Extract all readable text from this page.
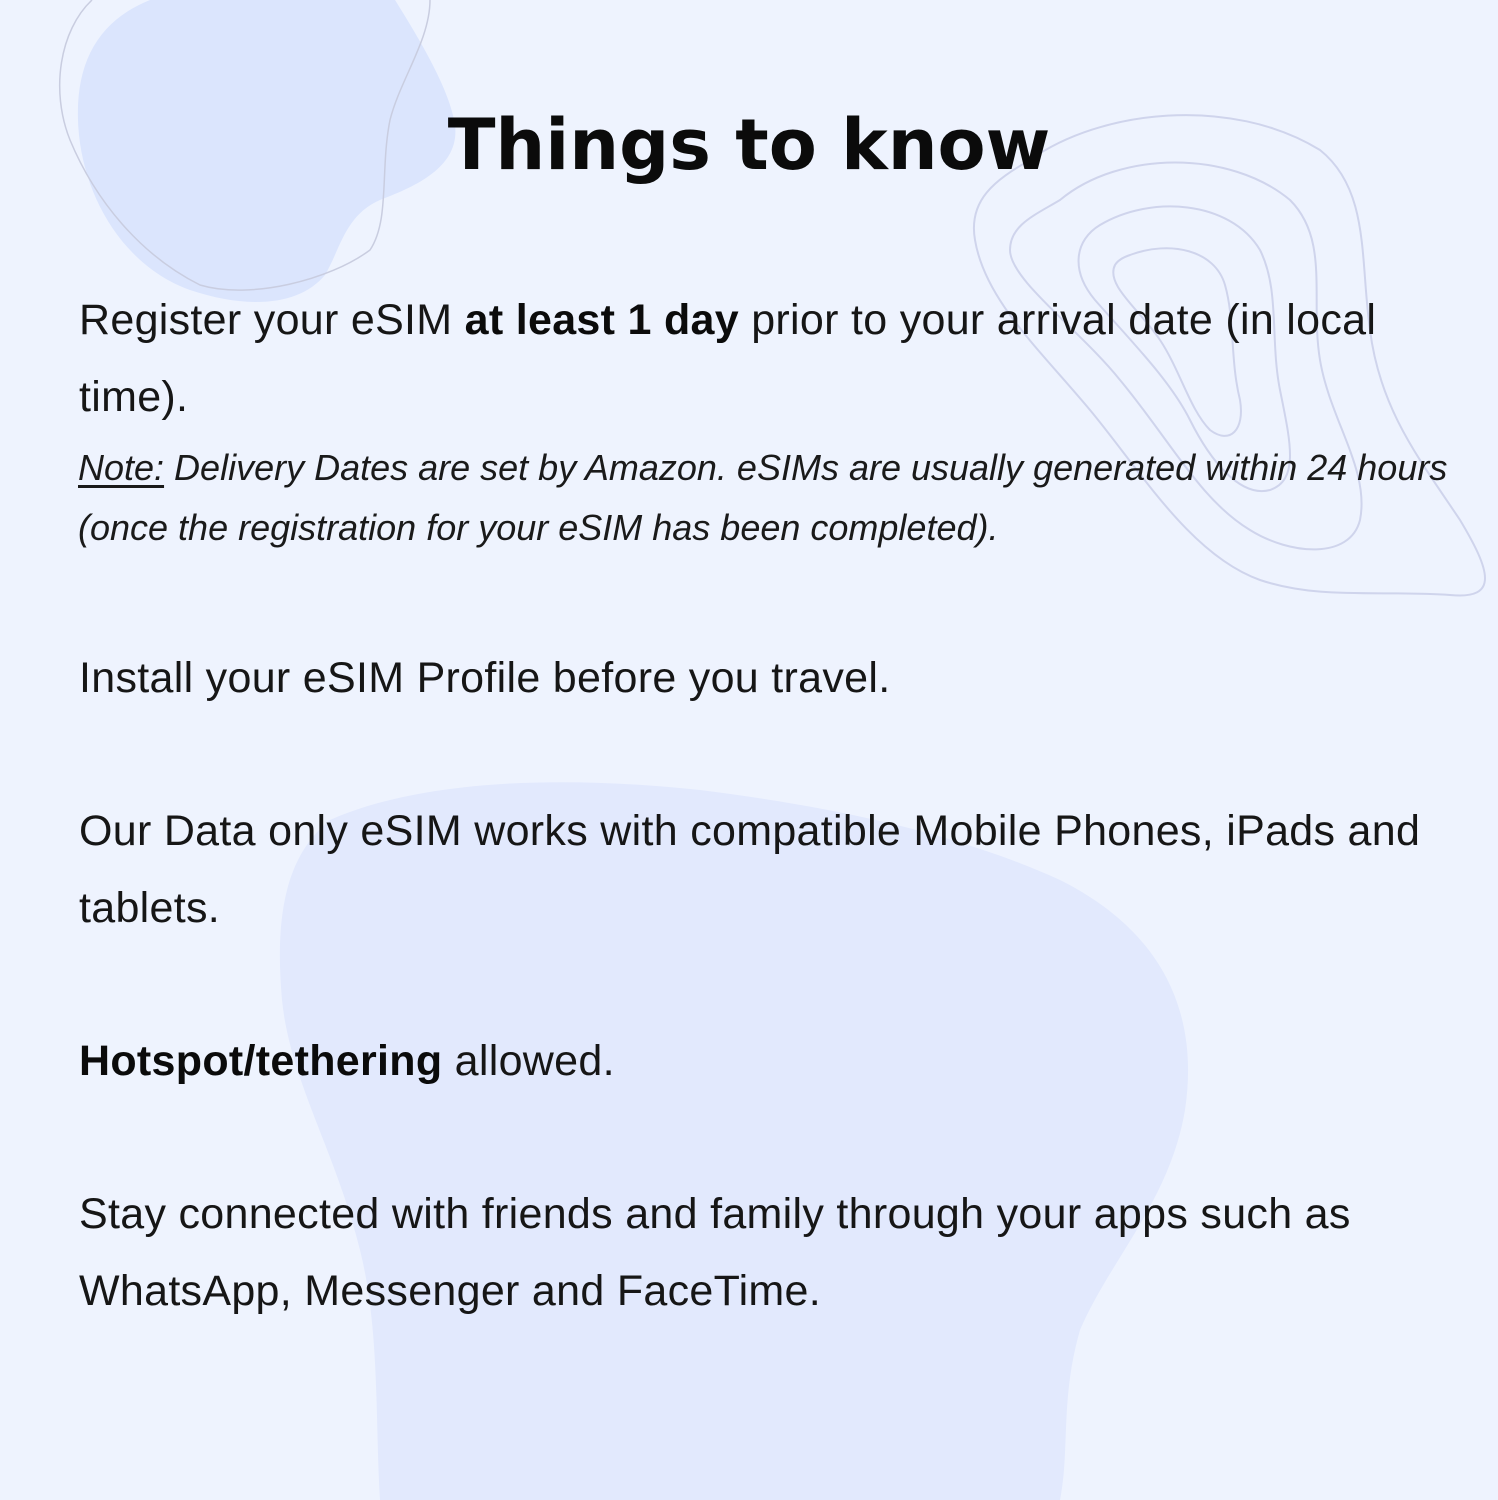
Things to know
Register your eSIM at least 1 day prior to your arrival date (in local time).
Note: Delivery Dates are set by Amazon. eSIMs are usually generated within 24 hours (once the registration for your eSIM has been completed).
Install your eSIM Profile before you travel.
Our Data only eSIM works with compatible Mobile Phones, iPads and tablets.
Hotspot/tethering allowed.
Stay connected with friends and family through your apps such as WhatsApp, Messenger and FaceTime.
